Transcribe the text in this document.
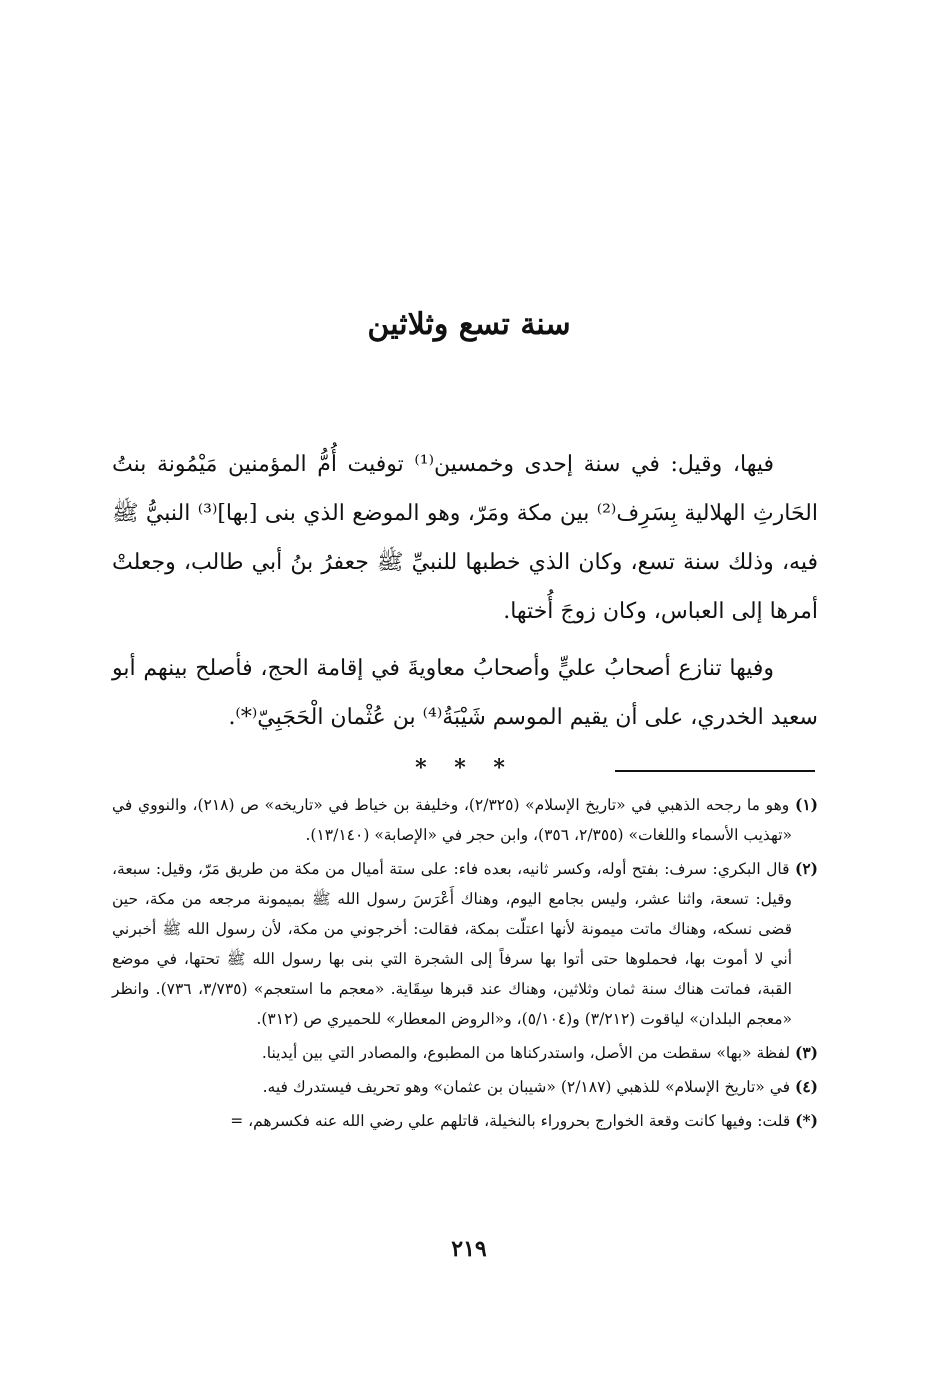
سنة تسع وثلاثين

فيها، وقيل: في سنة إحدى وخمسين⁽¹⁾ توفيت أُمُّ المؤمنين مَيْمُونة بنتُ الحَارثِ الهلالية بِسَرِف⁽²⁾ بين مكة ومَرّ، وهو الموضع الذي بنى [بها]⁽³⁾ النبيُّ ﷺ فيه، وذلك سنة تسع، وكان الذي خطبها للنبيِّ ﷺ جعفرُ بنُ أبي طالب، وجعلتْ أمرها إلى العباس، وكان زوجَ أُختها.

وفيها تنازع أصحابُ عليٍّ وأصحابُ معاويةَ في إقامة الحج، فأصلح بينهم أبو سعيد الخدري، على أن يقيم الموسم شَيْبَةُ⁽⁴⁾ بن عُثْمان الْحَجَبِيّ⁽*⁾.

* * *

(١) وهو ما رجحه الذهبي في «تاريخ الإسلام» (٢/٣٢٥)، وخليفة بن خياط في «تاريخه» ص (٢١٨)، والنووي في «تهذيب الأسماء واللغات» (٢/٣٥٥، ٣٥٦)، وابن حجر في «الإصابة» (١٣/١٤٠).

(٢) قال البكري: سرف: بفتح أوله، وكسر ثانيه، بعده فاء: على ستة أميال من مكة من طريق مَرّ، وقيل: سبعة، وقيل: تسعة، واثنا عشر، وليس بجامع اليوم، وهناك أَعْرَسَ رسول الله ﷺ بميمونة مرجعه من مكة، حين قضى نسكه، وهناك ماتت ميمونة لأنها اعتلّت بمكة، فقالت: أخرجوني من مكة، لأن رسول الله ﷺ أخبرني أني لا أموت بها، فحملوها حتى أتوا بها سرفاً إلى الشجرة التي بنى بها رسول الله ﷺ تحتها، في موضع القبة، فماتت هناك سنة ثمان وثلاثين، وهناك عند قبرها سِقَاية. «معجم ما استعجم» (٣/٧٣٥، ٧٣٦). وانظر «معجم البلدان» لياقوت (٣/٢١٢) و(٥/١٠٤)، و«الروض المعطار» للحميري ص (٣١٢).

(٣) لفظة «بها» سقطت من الأصل، واستدركناها من المطبوع، والمصادر التي بين أيدينا.

(٤) في «تاريخ الإسلام» للذهبي (٢/١٨٧) «شيبان بن عثمان» وهو تحريف فيستدرك فيه.

(*) قلت: وفيها كانت وقعة الخوارج بحروراء بالنخيلة، قاتلهم علي رضي الله عنه فكسرهم، =

٢١٩
